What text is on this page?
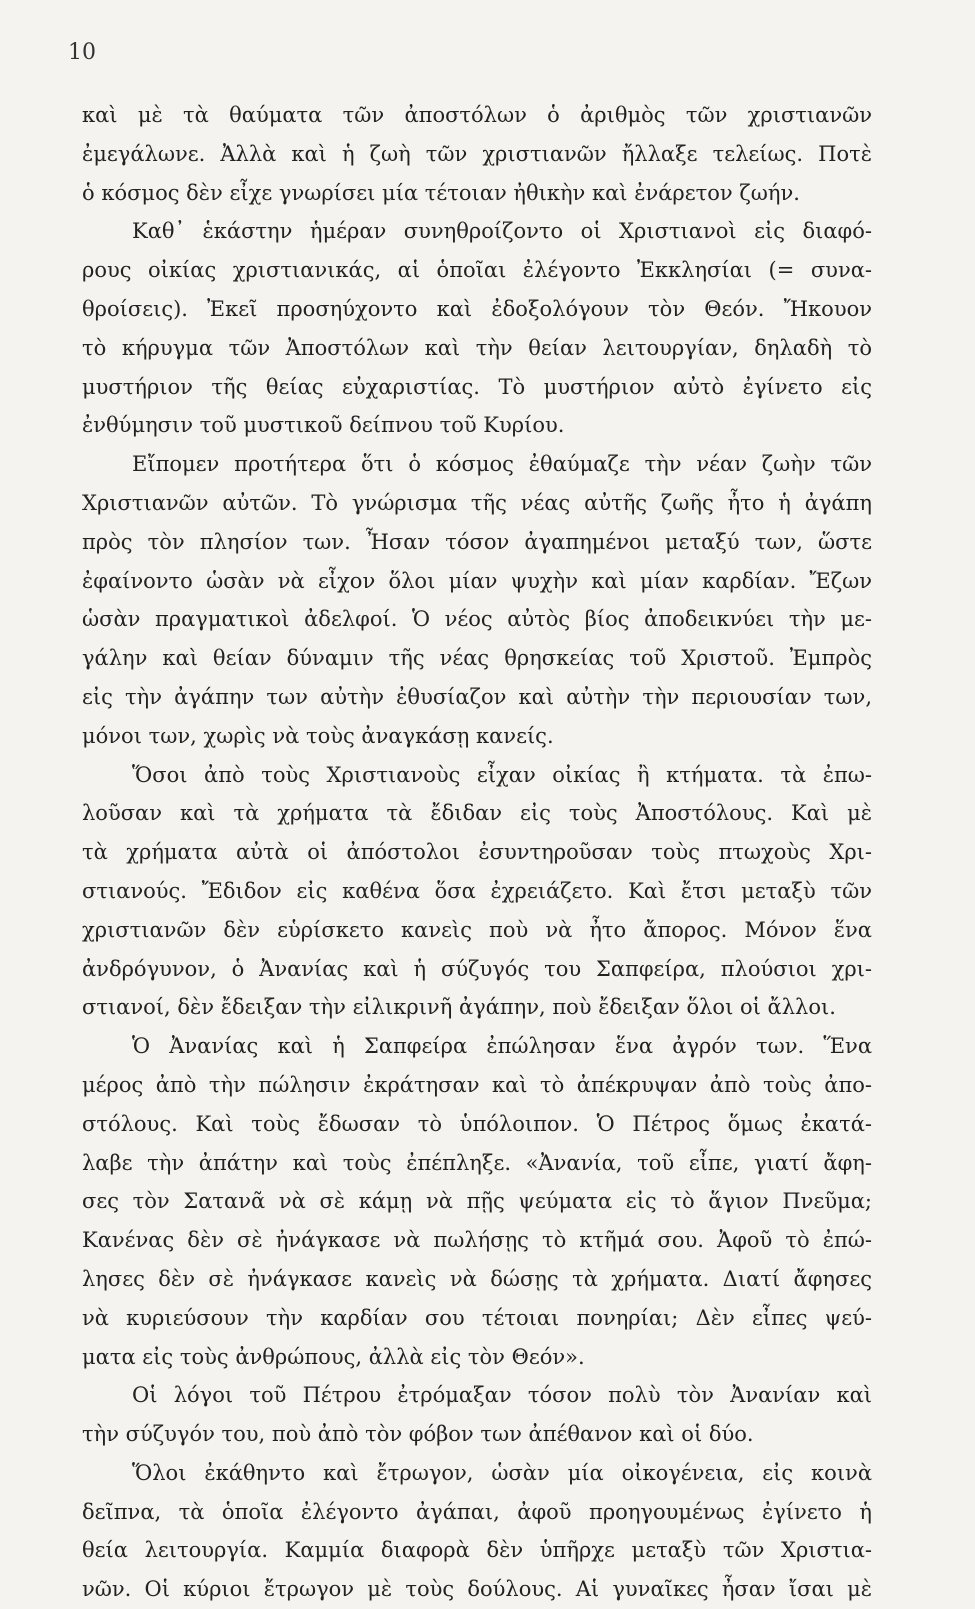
10
καὶ μὲ τὰ θαύματα τῶν ἀποστόλων ὁ ἀριθμὸς τῶν χριστιανῶν
ἐμεγάλωνε. Ἀλλὰ καὶ ἡ ζωὴ τῶν χριστιανῶν ἤλλαξε τελείως. Ποτὲ
ὁ κόσμος δὲν εἶχε γνωρίσει μία τέτοιαν ἠθικὴν καὶ ἐνάρετον ζωήν.
Καθ᾽ ἑκάστην ἡμέραν συνηθροίζοντο οἱ Χριστιανοὶ εἰς διαφό-
ρους οἰκίας χριστιανικάς, αἱ ὁποῖαι ἐλέγοντο Ἐκκλησίαι (= συνα-
θροίσεις). Ἐκεῖ προσηύχοντο καὶ ἐδοξολόγουν τὸν Θεόν. Ἤκουον
τὸ κήρυγμα τῶν Ἀποστόλων καὶ τὴν θείαν λειτουργίαν, δηλαδὴ τὸ
μυστήριον τῆς θείας εὐχαριστίας. Τὸ μυστήριον αὐτὸ ἐγίνετο εἰς
ἐνθύμησιν τοῦ μυστικοῦ δείπνου τοῦ Κυρίου.
Εἴπομεν προτήτερα ὅτι ὁ κόσμος ἐθαύμαζε τὴν νέαν ζωὴν τῶν
Χριστιανῶν αὐτῶν. Τὸ γνώρισμα τῆς νέας αὐτῆς ζωῆς ἦτο ἡ ἀγάπη
πρὸς τὸν πλησίον των. Ἦσαν τόσον ἀγαπημένοι μεταξύ των, ὥστε
ἐφαίνοντο ὡσὰν νὰ εἶχον ὅλοι μίαν ψυχὴν καὶ μίαν καρδίαν. Ἔζων
ὡσὰν πραγματικοὶ ἀδελφοί. Ὁ νέος αὐτὸς βίος ἀποδεικνύει τὴν με-
γάλην καὶ θείαν δύναμιν τῆς νέας θρησκείας τοῦ Χριστοῦ. Ἐμπρὸς
εἰς τὴν ἀγάπην των αὐτὴν ἐθυσίαζον καὶ αὐτὴν τὴν περιουσίαν των,
μόνοι των, χωρὶς νὰ τοὺς ἀναγκάσῃ κανείς.
Ὅσοι ἀπὸ τοὺς Χριστιανοὺς εἶχαν οἰκίας ἢ κτήματα. τὰ ἐπω-
λοῦσαν καὶ τὰ χρήματα τὰ ἔδιδαν εἰς τοὺς Ἀποστόλους. Καὶ μὲ
τὰ χρήματα αὐτὰ οἱ ἀπόστολοι ἐσυντηροῦσαν τοὺς πτωχοὺς Χρι-
στιανούς. Ἔδιδον εἰς καθένα ὅσα ἐχρειάζετο. Καὶ ἔτσι μεταξὺ τῶν
χριστιανῶν δὲν εὑρίσκετο κανεὶς ποὺ νὰ ἦτο ἄπορος. Μόνον ἕνα
ἀνδρόγυνον, ὁ Ἀνανίας καὶ ἡ σύζυγός του Σαπφείρα, πλούσιοι χρι-
στιανοί, δὲν ἔδειξαν τὴν εἰλικρινῆ ἀγάπην, ποὺ ἔδειξαν ὅλοι οἱ ἄλλοι.
Ὁ Ἀνανίας καὶ ἡ Σαπφείρα ἐπώλησαν ἕνα ἀγρόν των. Ἕνα
μέρος ἀπὸ τὴν πώλησιν ἐκράτησαν καὶ τὸ ἀπέκρυψαν ἀπὸ τοὺς ἀπο-
στόλους. Καὶ τοὺς ἔδωσαν τὸ ὑπόλοιπον. Ὁ Πέτρος ὅμως ἐκατά-
λαβε τὴν ἀπάτην καὶ τοὺς ἐπέπληξε. «Ἀνανία, τοῦ εἶπε, γιατί ἄφη-
σες τὸν Σατανᾶ νὰ σὲ κάμῃ νὰ πῇς ψεύματα εἰς τὸ ἅγιον Πνεῦμα;
Κανένας δὲν σὲ ἠνάγκασε νὰ πωλήσῃς τὸ κτῆμά σου. Ἀφοῦ τὸ ἐπώ-
λησες δὲν σὲ ἠνάγκασε κανεὶς νὰ δώσῃς τὰ χρήματα. Διατί ἄφησες
νὰ κυριεύσουν τὴν καρδίαν σου τέτοιαι πονηρίαι; Δὲν εἶπες ψεύ-
ματα εἰς τοὺς ἀνθρώπους, ἀλλὰ εἰς τὸν Θεόν».
Οἱ λόγοι τοῦ Πέτρου ἐτρόμαξαν τόσον πολὺ τὸν Ἀνανίαν καὶ
τὴν σύζυγόν του, ποὺ ἀπὸ τὸν φόβον των ἀπέθανον καὶ οἱ δύο.
Ὅλοι ἐκάθηντο καὶ ἔτρωγον, ὡσὰν μία οἰκογένεια, εἰς κοινὰ
δεῖπνα, τὰ ὁποῖα ἐλέγοντο ἀγάπαι, ἀφοῦ προηγουμένως ἐγίνετο ἡ
θεία λειτουργία. Καμμία διαφορὰ δὲν ὑπῆρχε μεταξὺ τῶν Χριστια-
νῶν. Οἱ κύριοι ἔτρωγον μὲ τοὺς δούλους. Αἱ γυναῖκες ἦσαν ἴσαι μὲ
